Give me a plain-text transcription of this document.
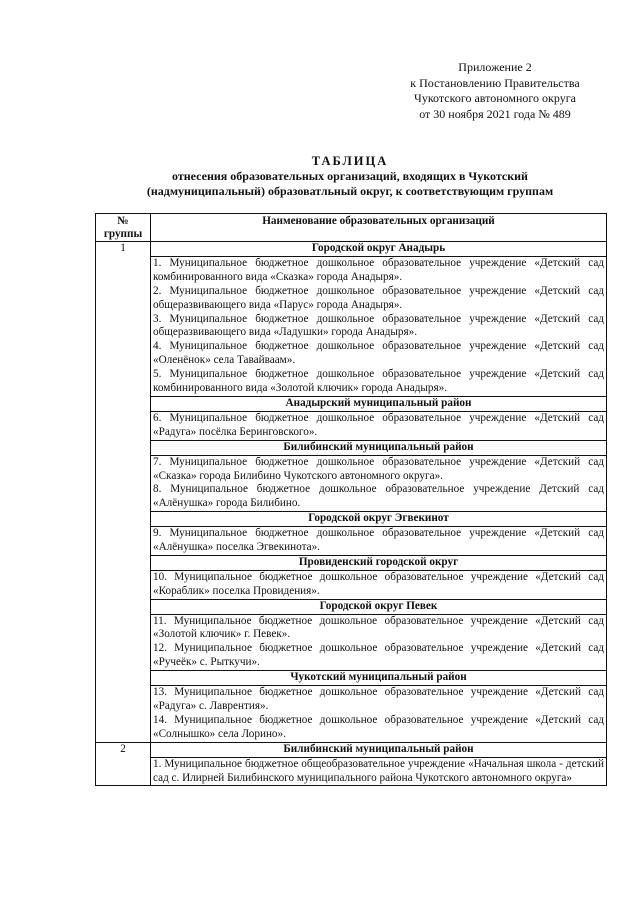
Приложение 2
к Постановлению Правительства
Чукотского автономного округа
от 30 ноября 2021 года № 489
ТАБЛИЦА
отнесения образовательных организаций, входящих в Чукотский
(надмуниципальный) образоватльный округ, к соответствующим группам
№
группы	Наименование образовательных организаций
1	Городской округ Анадырь

	1. Муниципальное бюджетное дошкольное образовательное учреждение «Детский сад комбинированного вида «Сказка» города Анадыря».
2. Муниципальное бюджетное дошкольное образовательное учреждение «Детский сад общеразвивающего вида «Парус» города Анадыря».
3. Муниципальное бюджетное дошкольное образовательное учреждение «Детский сад общеразвивающего вида «Ладушки» города Анадыря».
4. Муниципальное бюджетное дошкольное образовательное учреждение «Детский сад «Оленёнок» села Тавайваам».
5. Муниципальное бюджетное дошкольное образовательное учреждение «Детский сад комбинированного вида «Золотой ключик» города Анадыря».

	Анадырский муниципальный район

	6. Муниципальное бюджетное дошкольное образовательное учреждение «Детский сад «Радуга» посёлка Беринговского».

	Билибинский муниципальный район

	7. Муниципальное бюджетное дошкольное образовательное учреждение «Детский сад «Сказка» города Билибино Чукотского автономного округа».
8. Муниципальное бюджетное дошкольное образовательное учреждение Детский сад «Алёнушка» города Билибино.

	Городской округ Эгвекинот

	9. Муниципальное бюджетное дошкольное образовательное учреждение «Детский сад «Алёнушка» поселка Эгвекинота».

	Провиденский городской округ

	10. Муниципальное бюджетное дошкольное образовательное учреждение «Детский сад «Кораблик» поселка Провидения».

	Городской округ Певек

	11. Муниципальное бюджетное дошкольное образовательное учреждение «Детский сад «Золотой ключик» г. Певек».
12. Муниципальное бюджетное дошкольное образовательное учреждение «Детский сад «Ручеёк» с. Рыткучи».

	Чукотский муниципальный район

	13. Муниципальное бюджетное дошкольное образовательное учреждение «Детский сад «Радуга» с. Лаврентия».
14. Муниципальное бюджетное дошкольное образовательное учреждение «Детский сад «Солнышко» села Лорино».

2	Билибинский муниципальный район

	1. Муниципальное бюджетное общеобразовательное учреждение «Начальная школа - детский сад с. Илирней Билибинского муниципального района Чукотского автономного округа»
